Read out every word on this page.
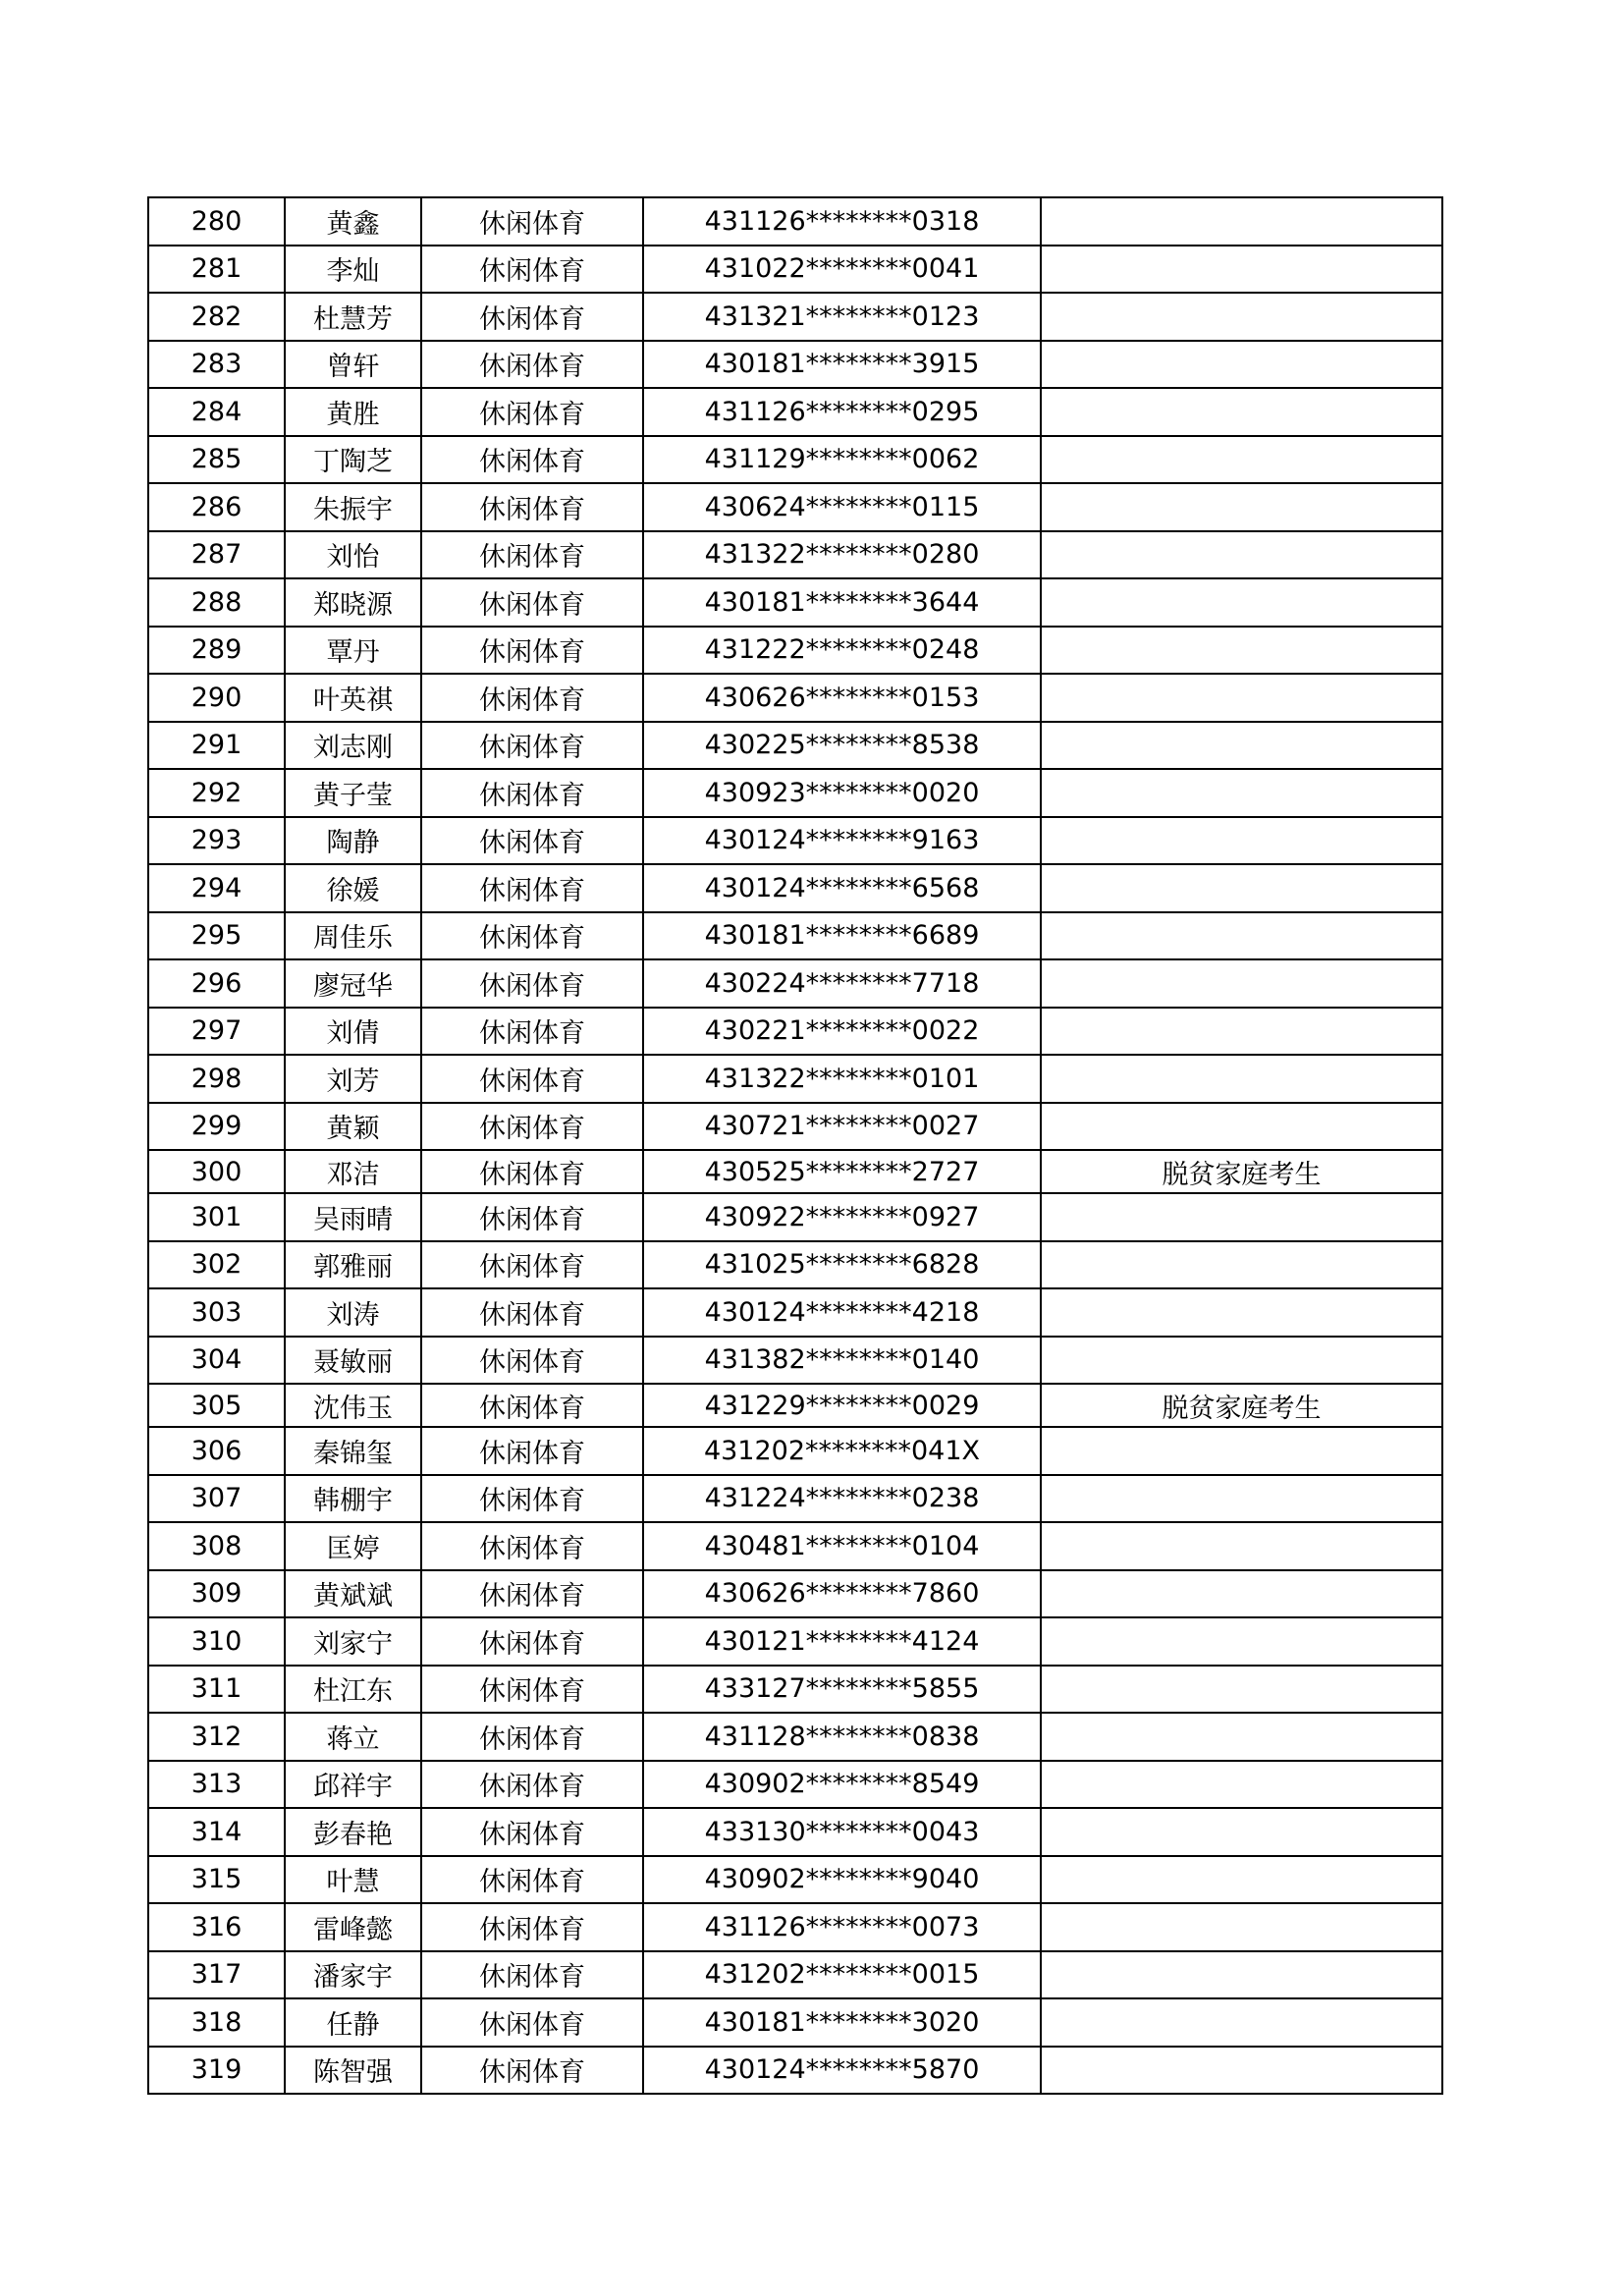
280	黄鑫	休闲体育	431126********0318	
281	李灿	休闲体育	431022********0041	
282	杜慧芳	休闲体育	431321********0123	
283	曾轩	休闲体育	430181********3915	
284	黄胜	休闲体育	431126********0295	
285	丁陶芝	休闲体育	431129********0062	
286	朱振宇	休闲体育	430624********0115	
287	刘怡	休闲体育	431322********0280	
288	郑晓源	休闲体育	430181********3644	
289	覃丹	休闲体育	431222********0248	
290	叶英祺	休闲体育	430626********0153	
291	刘志刚	休闲体育	430225********8538	
292	黄子莹	休闲体育	430923********0020	
293	陶静	休闲体育	430124********9163	
294	徐媛	休闲体育	430124********6568	
295	周佳乐	休闲体育	430181********6689	
296	廖冠华	休闲体育	430224********7718	
297	刘倩	休闲体育	430221********0022	
298	刘芳	休闲体育	431322********0101	
299	黄颖	休闲体育	430721********0027	
300	邓洁	休闲体育	430525********2727	脱贫家庭考生
301	吴雨晴	休闲体育	430922********0927	
302	郭雅丽	休闲体育	431025********6828	
303	刘涛	休闲体育	430124********4218	
304	聂敏丽	休闲体育	431382********0140	
305	沈伟玉	休闲体育	431229********0029	脱贫家庭考生
306	秦锦玺	休闲体育	431202********041X	
307	韩棚宇	休闲体育	431224********0238	
308	匡婷	休闲体育	430481********0104	
309	黄斌斌	休闲体育	430626********7860	
310	刘家宁	休闲体育	430121********4124	
311	杜江东	休闲体育	433127********5855	
312	蒋立	休闲体育	431128********0838	
313	邱祥宇	休闲体育	430902********8549	
314	彭春艳	休闲体育	433130********0043	
315	叶慧	休闲体育	430902********9040	
316	雷峰懿	休闲体育	431126********0073	
317	潘家宇	休闲体育	431202********0015	
318	任静	休闲体育	430181********3020	
319	陈智强	休闲体育	430124********5870	
